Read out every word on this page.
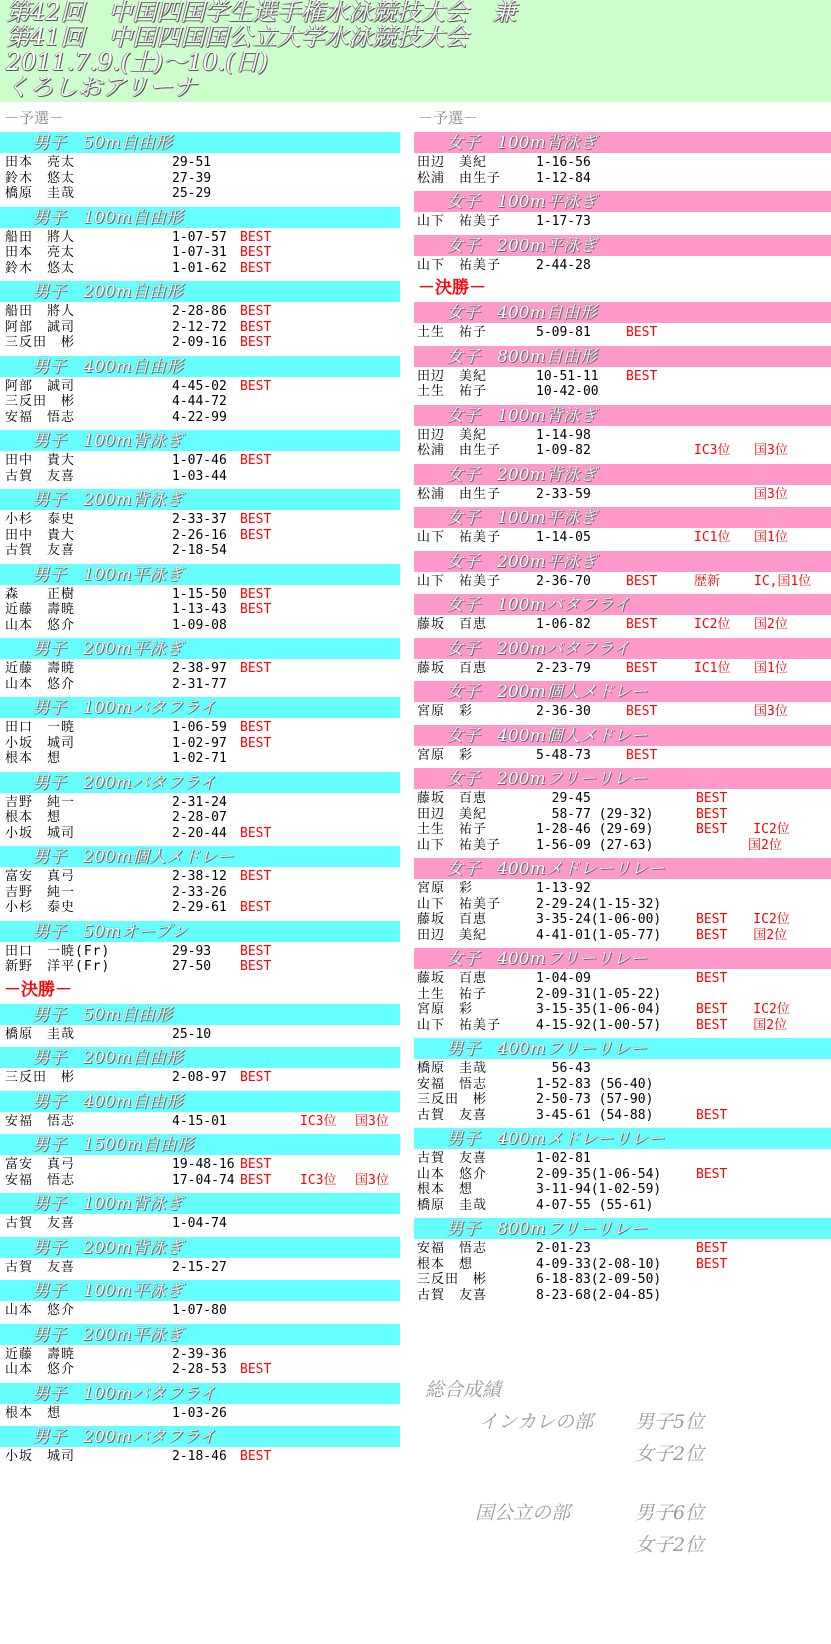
第42回　中国四国学生選手権水泳競技大会　兼
第41回　中国四国国公立大学水泳競技大会
2011.7.9.(土)～10.(日)
くろしおアリーナ
－予選－
男子　50m自由形
田本　亮太	29-51
鈴木　悠太	27-39
橋原　圭哉	25-29
男子　100m自由形
船田　將人	1-07-57 BEST
田本　亮太	1-07-31 BEST
鈴木　悠太	1-01-62 BEST
男子　200m自由形
船田　將人	2-28-86 BEST
阿部　誠司	2-12-72 BEST
三反田　彬	2-09-16 BEST
男子　400m自由形
阿部　誠司	4-45-02 BEST
三反田　彬	4-44-72
安福　悟志	4-22-99
男子　100m背泳ぎ
田中　貴大	1-07-46 BEST
古賀　友喜	1-03-44
男子　200m背泳ぎ
小杉　泰史	2-33-37 BEST
田中　貴大	2-26-16 BEST
古賀　友喜	2-18-54
男子　100m平泳ぎ
森　　正樹	1-15-50 BEST
近藤　壽暁	1-13-43 BEST
山本　悠介	1-09-08
男子　200m平泳ぎ
近藤　壽暁	2-38-97 BEST
山本　悠介	2-31-77
男子　100mバタフライ
田口　一暁	1-06-59 BEST
小坂　城司	1-02-97 BEST
根本　想	1-02-71
男子　200mバタフライ
吉野　純一	2-31-24
根本　想	2-28-07
小坂　城司	2-20-44 BEST
男子　200m個人メドレー
富安　真弓	2-38-12 BEST
吉野　純一	2-33-26
小杉　泰史	2-29-61 BEST
男子　50mオープン
田口　一暁(Fr)	29-93 BEST
新野　洋平(Fr)	27-50 BEST
－決勝－
男子　50m自由形
橋原　圭哉	25-10
男子　200m自由形
三反田　彬	2-08-97 BEST
男子　400m自由形
安福　悟志	4-15-01	IC3位 国3位
男子　1500m自由形
富安　真弓	19-48-16 BEST
安福　悟志	17-04-74 BEST IC3位 国3位
男子　100m背泳ぎ
古賀　友喜	1-04-74
男子　200m背泳ぎ
古賀　友喜	2-15-27
男子　100m平泳ぎ
山本　悠介	1-07-80
男子　200m平泳ぎ
近藤　壽暁	2-39-36
山本　悠介	2-28-53 BEST
男子　100mバタフライ
根本　想	1-03-26
男子　200mバタフライ
小坂　城司	2-18-46 BEST
－予選－
女子　100m背泳ぎ
田辺　美紀	1-16-56
松浦　由生子	1-12-84
女子　100m平泳ぎ
山下　祐美子	1-17-73
女子　200m平泳ぎ
山下　祐美子	2-44-28
－決勝－
女子　400m自由形
土生　祐子	5-09-81	BEST
女子　800m自由形
田辺　美紀	10-51-11 BEST
土生　祐子	10-42-00
女子　100m背泳ぎ
田辺　美紀	1-14-98
松浦　由生子	1-09-82	IC3位 国3位
女子　200m背泳ぎ
松浦　由生子	2-33-59	国3位
女子　100m平泳ぎ
山下　祐美子	1-14-05	IC1位 国1位
女子　200m平泳ぎ
山下　祐美子	2-36-70	BEST	歴新	IC,国1位
女子　100mバタフライ
藤坂　百恵	1-06-82	BEST	IC2位 国2位
女子　200mバタフライ
藤坂　百恵	2-23-79	BEST	IC1位 国1位
女子　200m個人メドレー
宮原　彩	2-36-30	BEST	国3位
女子　400m個人メドレー
宮原　彩	5-48-73	BEST
女子　200mフリーリレー
藤坂　百恵	29-45	BEST
田辺　美紀	58-77 (29-32)	BEST
土生　祐子	1-28-46 (29-69)	BEST　　IC2位
山下　祐美子	1-56-09 (27-63)	　　　　国2位
女子　400mメドレーリレー
宮原　彩	1-13-92
山下　祐美子	2-29-24(1-15-32)
藤坂　百恵	3-35-24(1-06-00)	BEST　　IC2位
田辺　美紀	4-41-01(1-05-77)	BEST　　国2位
女子　400mフリーリレー
藤坂　百恵	1-04-09	BEST
土生　祐子	2-09-31(1-05-22)
宮原　彩	3-15-35(1-06-04)	BEST　　IC2位
山下　祐美子	4-15-92(1-00-57)	BEST　　国2位
男子　400mフリーリレー
橋原　圭哉	56-43
安福　悟志	1-52-83 (56-40)
三反田　彬	2-50-73 (57-90)
古賀　友喜	3-45-61 (54-88)	BEST
男子　400mメドレーリレー
古賀　友喜	1-02-81
山本　悠介	2-09-35(1-06-54)	BEST
根本　想	3-11-94(1-02-59)
橋原　圭哉	4-07-55 (55-61)
男子　800mフリーリレー
安福　悟志	2-01-23	BEST
根本　想	4-09-33(2-08-10)	BEST
三反田　彬	6-18-83(2-09-50)
古賀　友喜	8-23-68(2-04-85)
総合成績
インカレの部 男子5位
女子2位
国公立の部	男子6位
女子2位
